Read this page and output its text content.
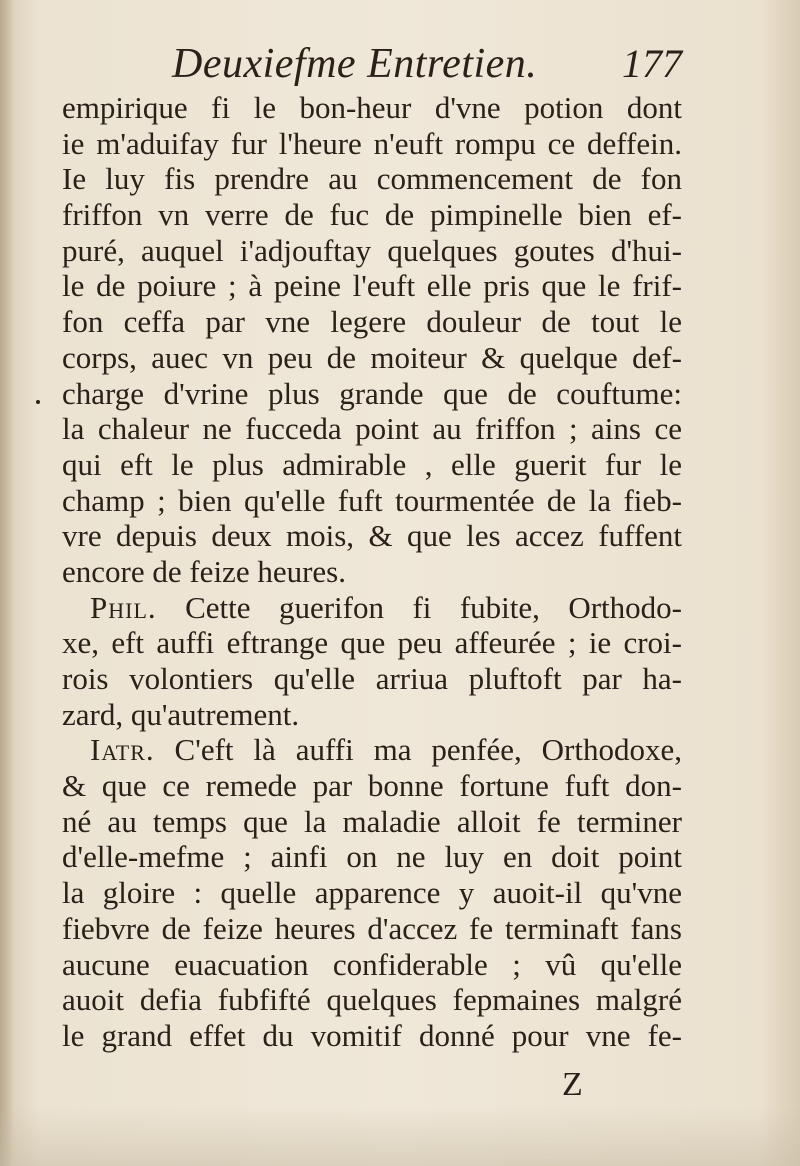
Deuxiefme Entretien. 177
empirique fi le bon-heur d'vne potion dont
ie m'aduifay fur l'heure n'euft rompu ce deffein.
Ie luy fis prendre au commencement de fon
friffon vn verre de fuc de pimpinelle bien ef-
puré, auquel i'adjouftay quelques goutes d'hui-
le de poiure ; à peine l'euft elle pris que le frif-
fon ceffa par vne legere douleur de tout le
corps, auec vn peu de moiteur & quelque def-
charge d'vrine plus grande que de couftume:
la chaleur ne fucceda point au friffon ; ains ce
qui eft le plus admirable , elle guerit fur le
champ ; bien qu'elle fuft tourmentée de la fieb-
vre depuis deux mois, & que les accez fuffent
encore de feize heures.
Phil. Cette guerifon fi fubite, Orthodo-
xe, eft auffi eftrange que peu affeurée ; ie croi-
rois volontiers qu'elle arriua pluftoft par ha-
zard, qu'autrement.
Iatr. C'eft là auffi ma penfée, Orthodoxe,
& que ce remede par bonne fortune fuft don-
né au temps que la maladie alloit fe terminer
d'elle-mefme ; ainfi on ne luy en doit point
la gloire : quelle apparence y auoit-il qu'vne
fiebvre de feize heures d'accez fe terminaft fans
aucune euacuation confiderable ; vû qu'elle
auoit defia fubfifté quelques fepmaines malgré
le grand effet du vomitif donné pour vne fe-
Z
